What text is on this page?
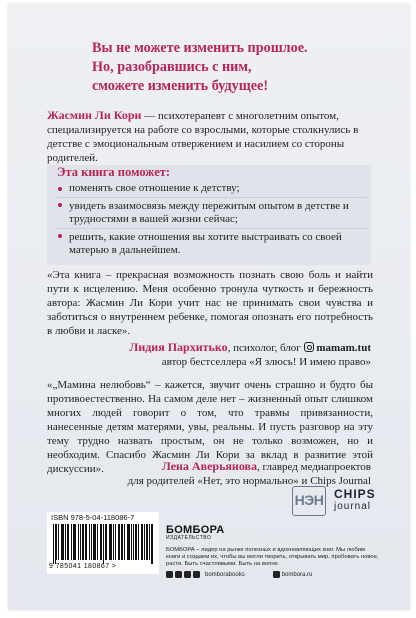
Вы не можете изменить прошлое.
Но, разобравшись с ним,
сможете изменить будущее!
Жасмин Ли Кори — психотерапевт с многолетним опытом, специализируется на работе со взрослыми, которые столкнулись в детстве с эмоциональным отвержением и насилием со стороны родителей.
Эта книга поможет:
поменять свое отношение к детству;
увидеть взаимосвязь между пережитым опытом в детстве и трудностями в вашей жизни сейчас;
решить, какие отношения вы хотите выстраивать со своей матерью в дальнейшем.
«Эта книга – прекрасная возможность познать свою боль и найти пути к исцелению. Меня особенно тронула чуткость и бережность автора: Жасмин Ли Кори учит нас не принимать свои чувства и заботиться о внутреннем ребенке, помогая опознать его потребность в любви и ласке».
Лидия Пархитько, психолог, блог  mamam.tut
автор бестселлера «Я злюсь! И имею право»
«„Мамина нелюбовь“ – кажется, звучит очень страшно и будто бы противоестественно. На самом деле нет – жизненный опыт слишком многих людей говорит о том, что травмы привязанности, нанесенные детям матерями, увы, реальны. И пусть разговор на эту тему трудно назвать простым, он не только возможен, но и необходим. Спасибо Жасмин Ли Кори за вклад в развитие этой дискуссии».	Лена Аверьянова, главред медиапроектов
для родителей «Нет, это нормально» и Chips Journal
НЭН CHIPS
journal
ISBN 978-5-04-118086-7
9 785041 180867 >
БОМБОРА
ИЗДАТЕЛЬСТВО
БОМБОРА – лидер на рынке полезных и вдохновляющих книг. Мы любим книги и создаем их, чтобы вы могли творить, открывать мир, пробовать новое, расти. Быть счастливыми. Быть на волне.
bomborabooks	bombora.ru
